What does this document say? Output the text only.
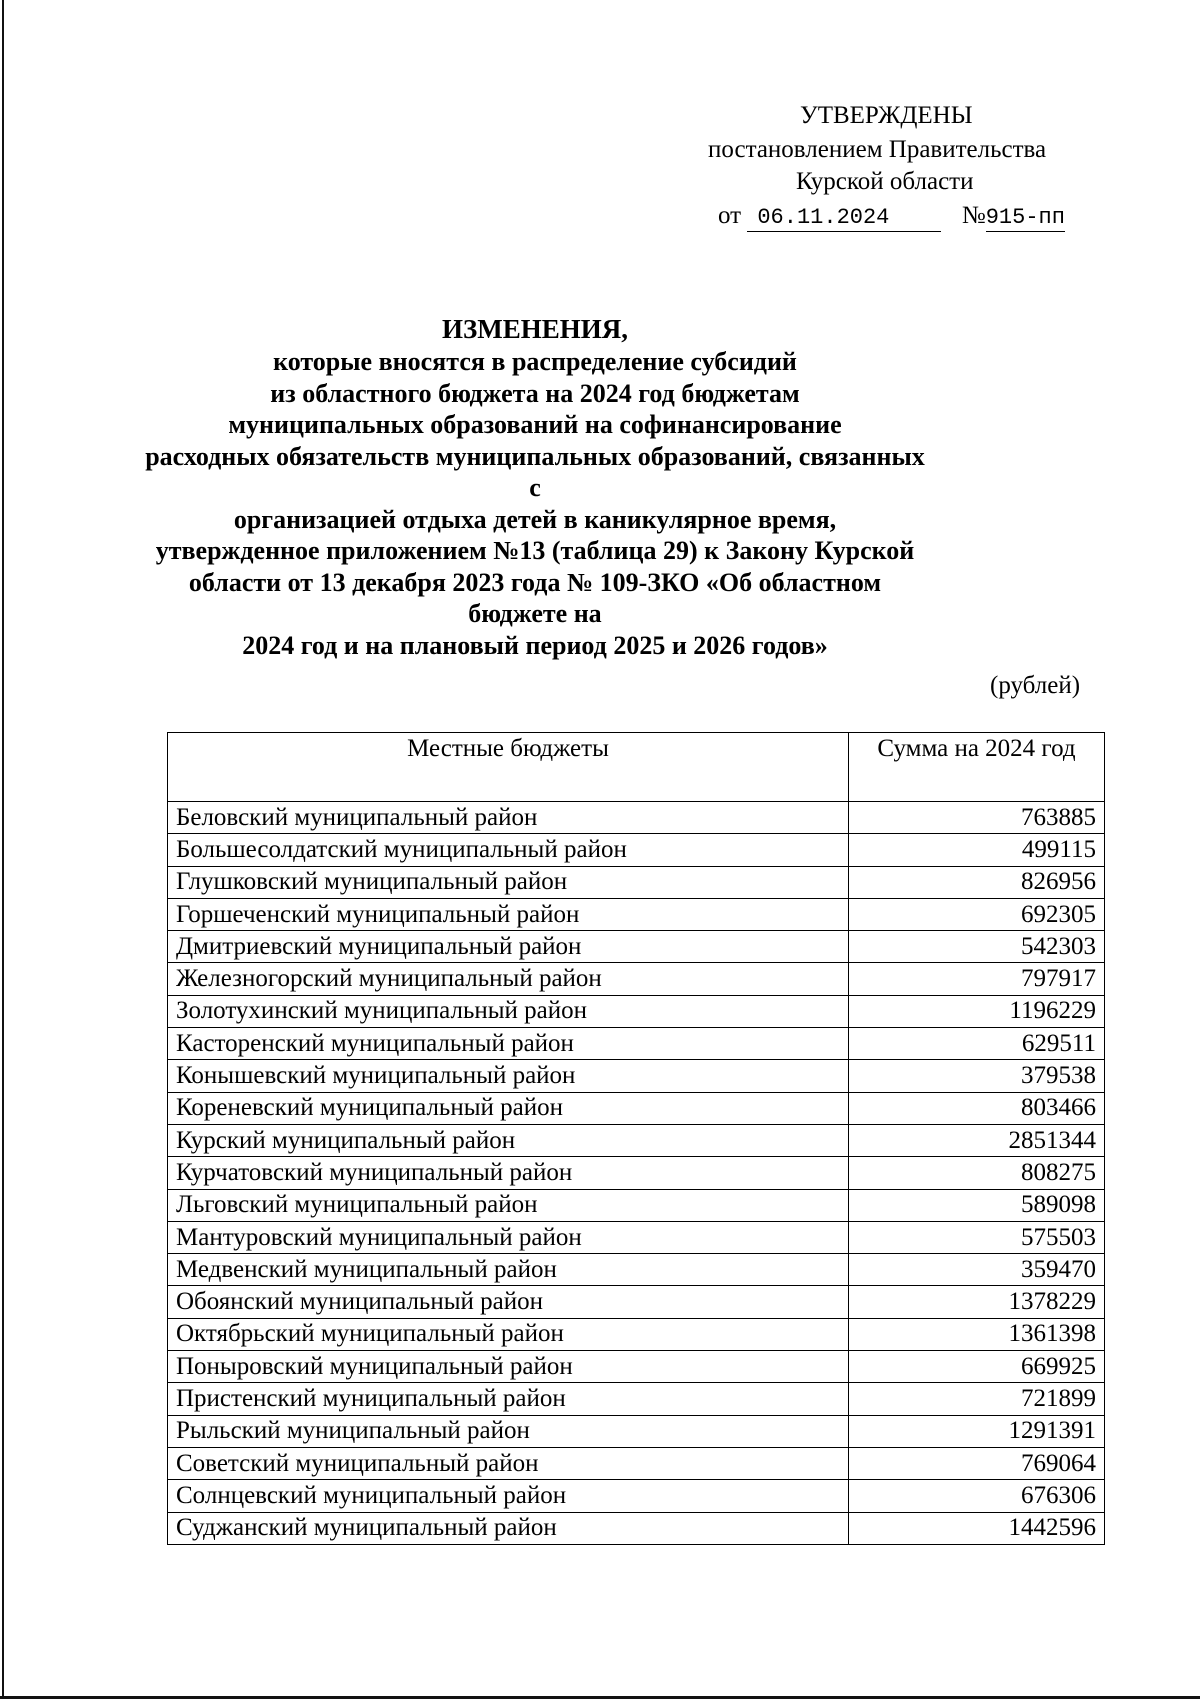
УТВЕРЖДЕНЫ
постановлением Правительства
Курской области
от 06.11.2024	№915-пп
ИЗМЕНЕНИЯ,
которые вносятся в распределение субсидий
из областного бюджета на 2024 год бюджетам
муниципальных образований на софинансирование
расходных обязательств муниципальных образований, связанных с
организацией отдыха детей в каникулярное время,
утвержденное приложением №13 (таблица 29) к Закону Курской
области от 13 декабря 2023 года № 109-ЗКО «Об областном бюджете на
2024 год и на плановый период 2025 и 2026 годов»
(рублей)
Местные бюджеты	Сумма на 2024 год
Беловский муниципальный район	763885
Большесолдатский муниципальный район	499115
Глушковский муниципальный район	826956
Горшеченский муниципальный район	692305
Дмитриевский муниципальный район	542303
Железногорский муниципальный район	797917
Золотухинский муниципальный район	1196229
Касторенский муниципальный район	629511
Конышевский муниципальный район	379538
Кореневский муниципальный район	803466
Курский муниципальный район	2851344
Курчатовский муниципальный район	808275
Льговский муниципальный район	589098
Мантуровский муниципальный район	575503
Медвенский муниципальный район	359470
Обоянский муниципальный район	1378229
Октябрьский муниципальный район	1361398
Поныровский муниципальный район	669925
Пристенский муниципальный район	721899
Рыльский муниципальный район	1291391
Советский муниципальный район	769064
Солнцевский муниципальный район	676306
Суджанский муниципальный район	1442596
